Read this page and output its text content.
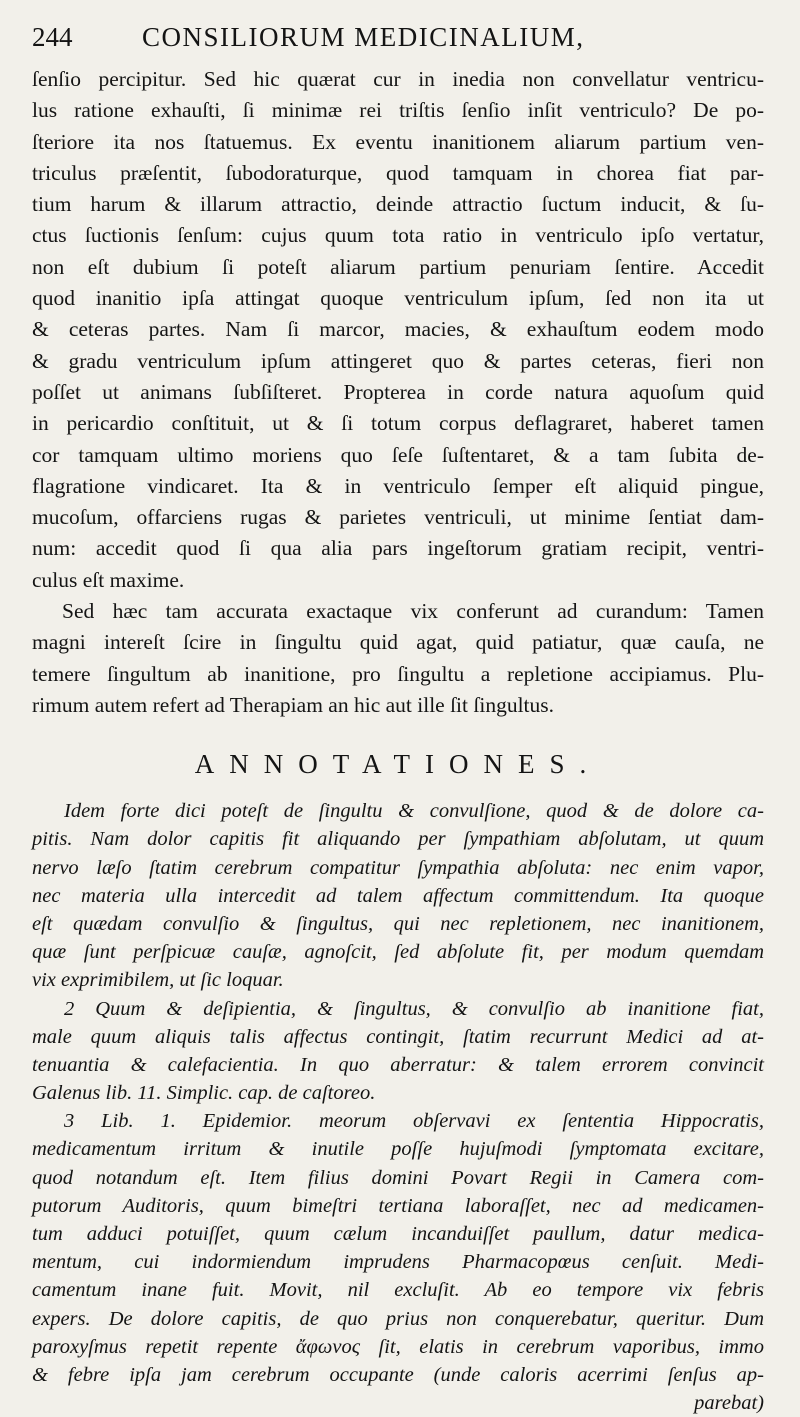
244	CONSILIORUM MEDICINALIUM,

ſenſio percipitur. Sed hic quærat cur in inedia non convellatur ventricu-
lus ratione exhauſti, ſi minimæ rei triſtis ſenſio inſit ventriculo? De po-
ſteriore ita nos ſtatuemus. Ex eventu inanitionem aliarum partium ven-
triculus præſentit, ſubodoraturque, quod tamquam in chorea fiat par-
tium harum & illarum attractio, deinde attractio ſuctum inducit, & ſu-
ctus ſuctionis ſenſum: cujus quum tota ratio in ventriculo ipſo vertatur,
non eſt dubium ſi poteſt aliarum partium penuriam ſentire. Accedit
quod inanitio ipſa attingat quoque ventriculum ipſum, ſed non ita ut
& ceteras partes. Nam ſi marcor, macies, & exhauſtum eodem modo
& gradu ventriculum ipſum attingeret quo & partes ceteras, fieri non
poſſet ut animans ſubſiſteret. Propterea in corde natura aquoſum quid
in pericardio conſtituit, ut & ſi totum corpus deflagraret, haberet tamen
cor tamquam ultimo moriens quo ſeſe ſuſtentaret, & a tam ſubita de-
flagratione vindicaret. Ita & in ventriculo ſemper eſt aliquid pingue,
mucoſum, offarciens rugas & parietes ventriculi, ut minime ſentiat dam-
num: accedit quod ſi qua alia pars ingeſtorum gratiam recipit, ventri-
culus eſt maxime.

Sed hæc tam accurata exactaque vix conferunt ad curandum: Tamen
magni intereſt ſcire in ſingultu quid agat, quid patiatur, quæ cauſa, ne
temere ſingultum ab inanitione, pro ſingultu a repletione accipiamus. Plu-
rimum autem refert ad Therapiam an hic aut ille ſit ſingultus.

ANNOTATIONES.

Idem forte dici poteſt de ſingultu & convulſione, quod & de dolore ca-
pitis. Nam dolor capitis fit aliquando per ſympathiam abſolutam, ut quum
nervo læſo ſtatim cerebrum compatitur ſympathia abſoluta: nec enim vapor,
nec materia ulla intercedit ad talem affectum committendum. Ita quoque
eſt quædam convulſio & ſingultus, qui nec repletionem, nec inanitionem,
quæ ſunt perſpicuæ cauſæ, agnoſcit, ſed abſolute fit, per modum quemdam
vix exprimibilem, ut ſic loquar.

2 Quum & deſipientia, & ſingultus, & convulſio ab inanitione fiat,
male quum aliquis talis affectus contingit, ſtatim recurrunt Medici ad at-
tenuantia & calefacientia. In quo aberratur: & talem errorem convincit
Galenus lib. 11. Simplic. cap. de caſtoreo.

3 Lib. 1. Epidemior. meorum obſervavi ex ſententia Hippocratis,
medicamentum irritum & inutile poſſe hujuſmodi ſymptomata excitare,
quod notandum eſt. Item filius domini Povart Regii in Camera com-
putorum Auditoris, quum bimeſtri tertiana laboraſſet, nec ad medicamen-
tum adduci potuiſſet, quum cælum incanduiſſet paullum, datur medica-
mentum, cui indormiendum imprudens Pharmacopœus cenſuit. Medi-
camentum inane fuit. Movit, nil excluſit. Ab eo tempore vix febris
expers. De dolore capitis, de quo prius non conquerebatur, queritur. Dum
paroxyſmus repetit repente ἄφωνος ſit, elatis in cerebrum vaporibus, immo
& febre ipſa jam cerebrum occupante (unde caloris acerrimi ſenſus ap-
parebat)
